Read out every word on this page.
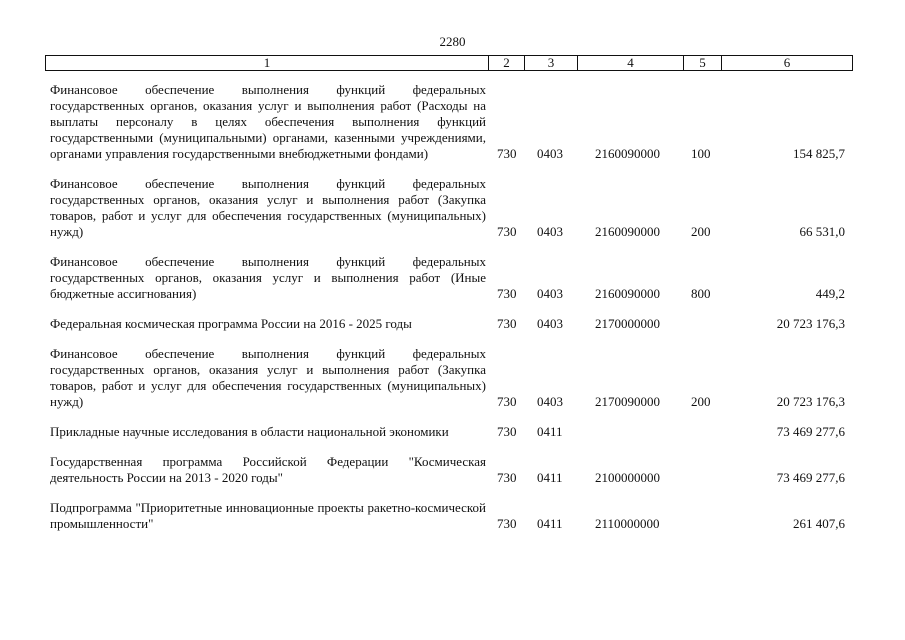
2280
1	2	3	4	5	6
Финансовое обеспечение выполнения функций федеральных государственных органов, оказания услуг и выполнения работ (Расходы на выплаты персоналу в целях обеспечения выполнения функций государственными (муниципальными) органами, казенными учреждениями, органами управления государственными внебюджетными фондами)	730 0403 2160090000 100	154 825,7
Финансовое обеспечение выполнения функций федеральных государственных органов, оказания услуг и выполнения работ (Закупка товаров, работ и услуг для обеспечения государственных (муниципальных) нужд)	730 0403 2160090000 200	66 531,0
Финансовое обеспечение выполнения функций федеральных государственных органов, оказания услуг и выполнения работ (Иные бюджетные ассигнования)	730 0403 2160090000 800	449,2
Федеральная космическая программа России на 2016 - 2025 годы	730 0403 2170000000	20 723 176,3
Финансовое обеспечение выполнения функций федеральных государственных органов, оказания услуг и выполнения работ (Закупка товаров, работ и услуг для обеспечения государственных (муниципальных) нужд)	730 0403 2170090000 200	20 723 176,3
Прикладные научные исследования в области национальной экономики	730 0411	73 469 277,6
Государственная программа Российской Федерации "Космическая деятельность России на 2013 - 2020 годы"	730 0411 2100000000	73 469 277,6
Подпрограмма "Приоритетные инновационные проекты ракетно-космической промышленности"	730 0411 2110000000	261 407,6
